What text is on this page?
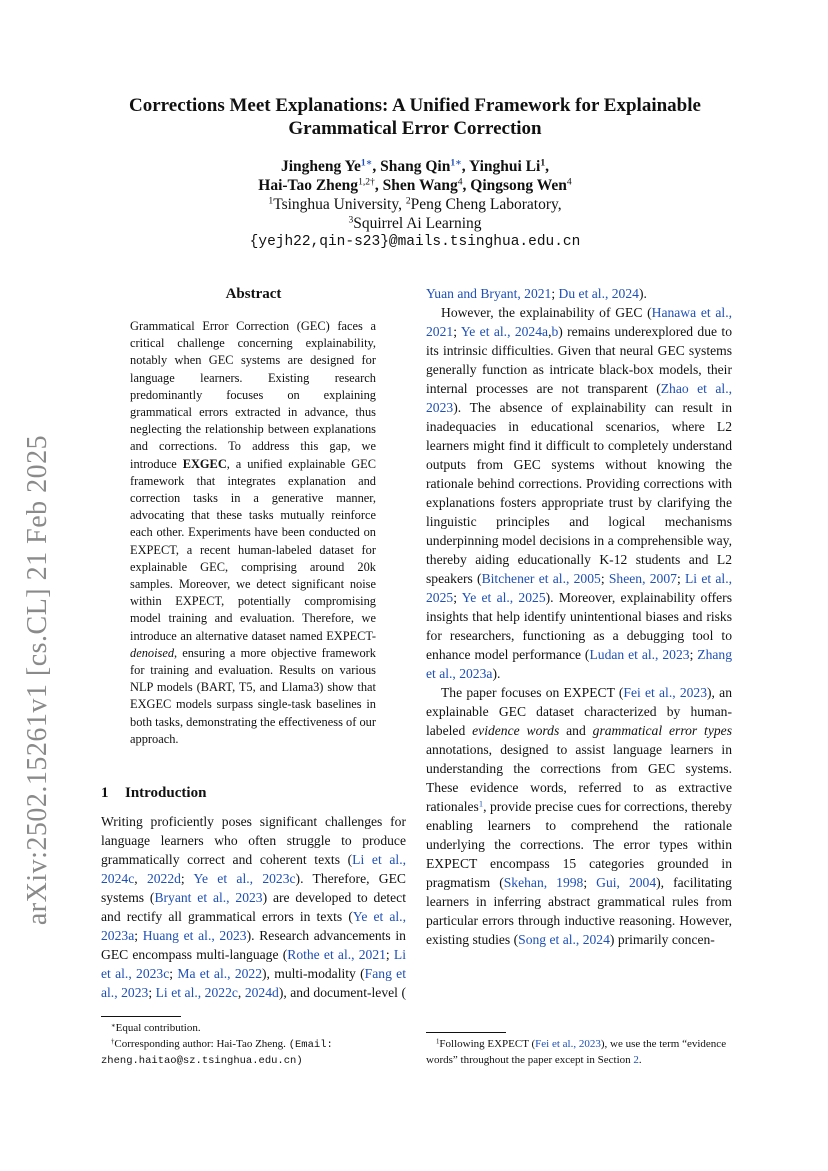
arXiv:2502.15261v1 [cs.CL] 21 Feb 2025
Corrections Meet Explanations: A Unified Framework for Explainable Grammatical Error Correction
Jingheng $Ye^{1∗}$, Shang Qin$^{1∗}$, Yinghui Li$^1$,
Hai-Tao Zheng$^{1,2\dagger}$, Shen Wang$^4$, Qingsong Wen$^4$
$^1$Tsinghua University, $^2$Peng Cheng Laboratory,
$^3$Squirrel Ai Learning
{yejh22,qin-s23}@mails.tsinghua.edu.cn
Abstract
Grammatical Error Correction (GEC) faces a critical challenge concerning explainability, notably when GEC systems are designed for language learners. Existing research predominantly focuses on explaining grammatical errors extracted in advance, thus neglecting the relationship between explanations and corrections. To address this gap, we introduce EXGEC, a unified explainable GEC framework that integrates explanation and correction tasks in a generative manner, advocating that these tasks mutually reinforce each other. Experiments have been conducted on EXPECT, a recent human-labeled dataset for explainable GEC, comprising around 20k samples. Moreover, we detect significant noise within EXPECT, potentially compromising model training and evaluation. Therefore, we introduce an alternative dataset named EXPECT-denoised, ensuring a more objective framework for training and evaluation. Results on various NLP models (BART, T5, and Llama3) show that EXGEC models surpass single-task baselines in both tasks, demonstrating the effectiveness of our approach.
1 Introduction

Writing proficiently poses significant challenges for language learners who often struggle to produce grammatically correct and coherent texts (Li et al., 2024c, 2022d; Ye et al., 2023c). Therefore, GEC systems (Bryant et al., 2023) are developed to detect and rectify all grammatical errors in texts (Ye et al., 2023a; Huang et al., 2023). Research advancements in GEC encompass multi-language (Rothe et al., 2021; Li et al., 2023c; Ma et al., 2022), multi-modality (Fang et al., 2023; Li et al., 2022c, 2024d), and document-level (

Yuan and Bryant, 2021; Du et al., 2024).

However, the explainability of GEC (Hanawa et al., 2021; Ye et al., 2024a,b) remains underexplored due to its intrinsic difficulties. Given that neural GEC systems generally function as intricate black-box models, their internal processes are not transparent (Zhao et al., 2023). The absence of explainability can result in inadequacies in educational scenarios, where L2 learners might find it difficult to completely understand outputs from GEC systems without knowing the rationale behind corrections. Providing corrections with explanations fosters appropriate trust by clarifying the linguistic principles and logical mechanisms underpinning model decisions in a comprehensible way, thereby aiding educationally K-12 students and L2 speakers (Bitchener et al., 2005; Sheen, 2007; Li et al., 2025; Ye et al., 2025). Moreover, explainability offers insights that help identify unintentional biases and risks for researchers, functioning as a debugging tool to enhance model performance (Ludan et al., 2023; Zhang et al., 2023a).

The paper focuses on EXPECT (Fei et al., 2023), an explainable GEC dataset characterized by human-labeled evidence words and grammatical error types annotations, designed to assist language learners in understanding the corrections from GEC systems. These evidence words, referred to as extractive rationales$^1$, provide precise cues for corrections, thereby enabling learners to comprehend the rationale underlying the corrections. The error types within EXPECT encompass 15 categories grounded in pragmatism (Skehan, 1998; Gui, 2004), facilitating learners in inferring abstract grammatical rules from particular errors through inductive reasoning. However, existing studies (Song et al., 2024) primarily concen-

∗Equal contribution.

†Corresponding author: Hai-Tao Zheng. (Email: zheng.haitao@sz.tsinghua.edu.cn)

$^1$Following EXPECT (Fei et al., 2023), we use the term “evidence words” throughout the paper except in Section 2.
